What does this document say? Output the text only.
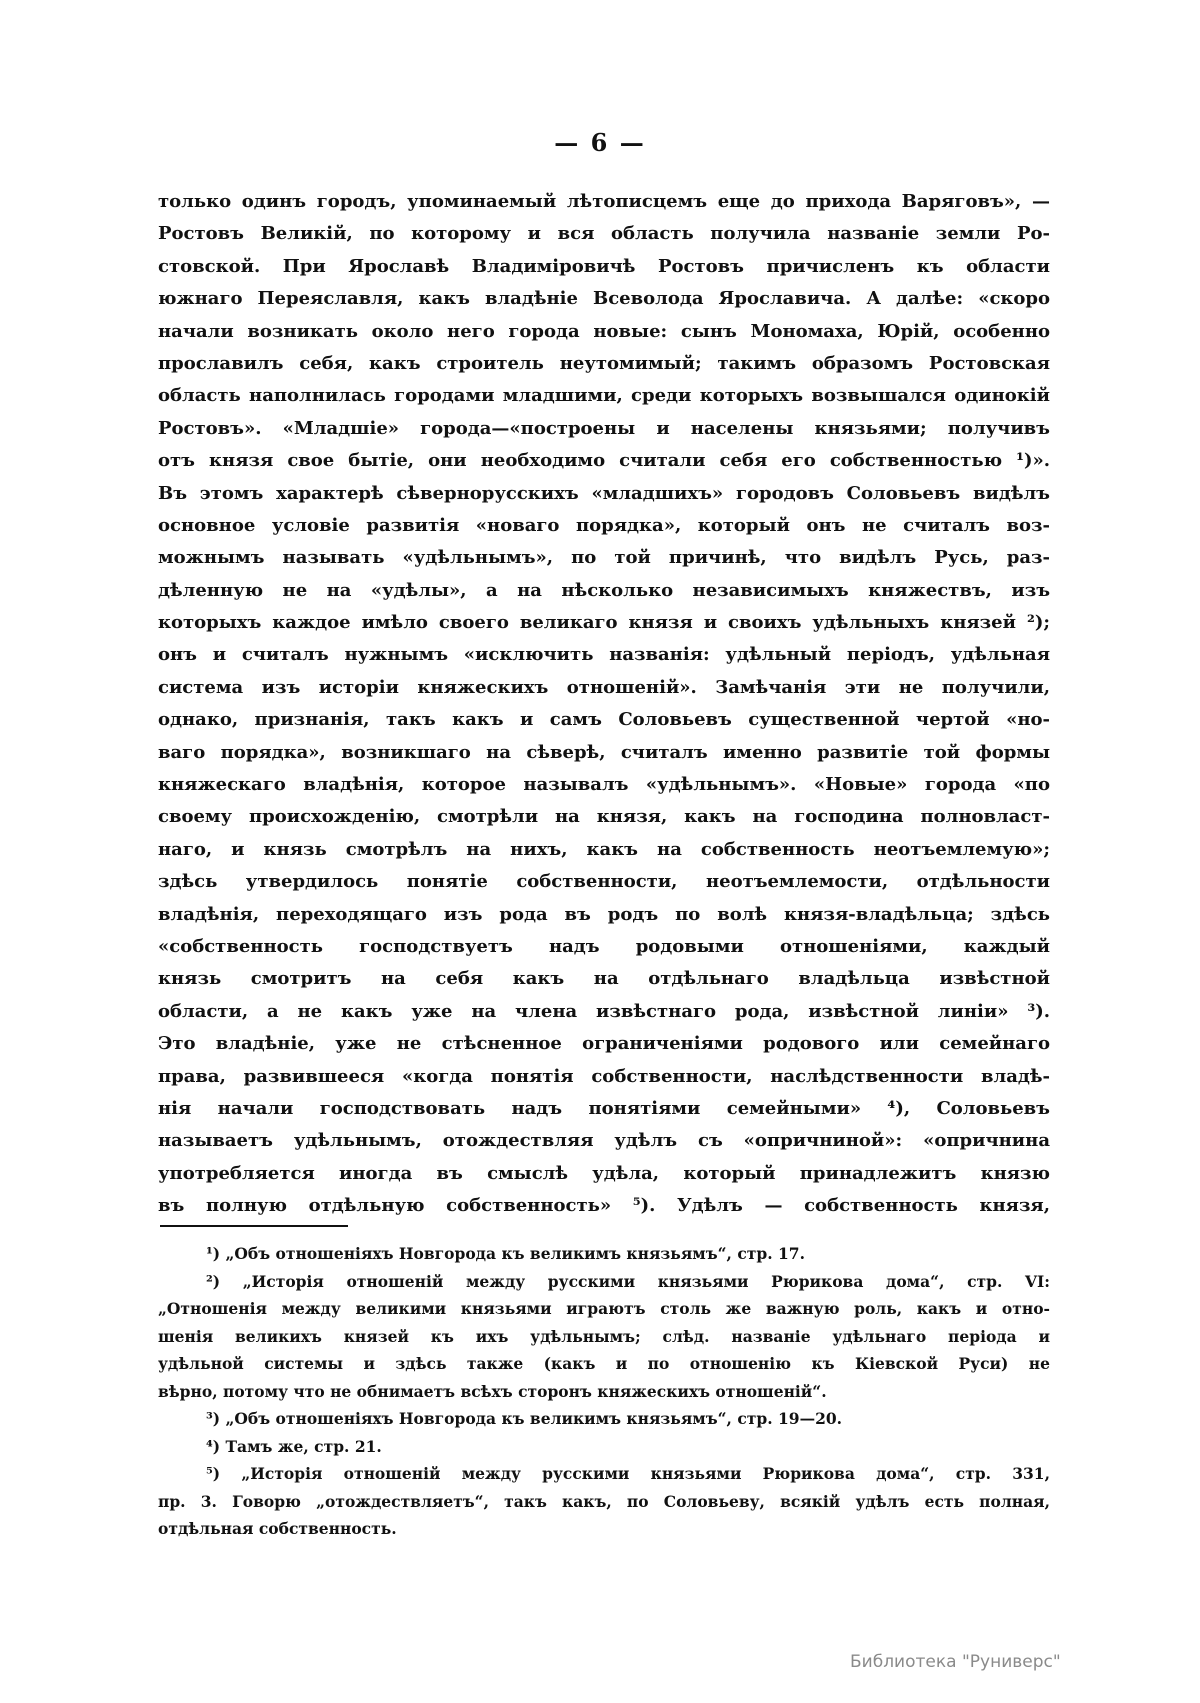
— 6 —
только одинъ городъ, упоминаемый лѣтописцемъ еще до прихода Варяговъ», —
Ростовъ Великій, по которому и вся область получила названіе земли Ро-
стовской. При Ярославѣ Владиміровичѣ Ростовъ причисленъ къ области
южнаго Переяславля, какъ владѣніе Всеволода Ярославича. А далѣе: «скоро
начали возникать около него города новые: сынъ Мономаха, Юрій, особенно
прославилъ себя, какъ строитель неутомимый; такимъ образомъ Ростовская
область наполнилась городами младшими, среди которыхъ возвышался одинокій
Ростовъ». «Младшіе» города—«построены и населены князьями; получивъ
отъ князя свое бытіе, они необходимо считали себя его собственностью ¹)».
Въ этомъ характерѣ сѣвернорусскихъ «младшихъ» городовъ Соловьевъ видѣлъ
основное условіе развитія «новаго порядка», который онъ не считалъ воз-
можнымъ называть «удѣльнымъ», по той причинѣ, что видѣлъ Русь, раз-
дѣленную не на «удѣлы», а на нѣсколько независимыхъ княжествъ, изъ
которыхъ каждое имѣло своего великаго князя и своихъ удѣльныхъ князей ²);
онъ и считалъ нужнымъ «исключить названія: удѣльный періодъ, удѣльная
система изъ исторіи княжескихъ отношеній». Замѣчанія эти не получили,
однако, признанія, такъ какъ и самъ Соловьевъ существенной чертой «но-
ваго порядка», возникшаго на сѣверѣ, считалъ именно развитіе той формы
княжескаго владѣнія, которое называлъ «удѣльнымъ». «Новые» города «по
своему происхожденію, смотрѣли на князя, какъ на господина полновласт-
наго, и князь смотрѣлъ на нихъ, какъ на собственность неотъемлемую»;
здѣсь утвердилось понятіе собственности, неотъемлемости, отдѣльности
владѣнія, переходящаго изъ рода въ родъ по волѣ князя-владѣльца; здѣсь
«собственность господствуетъ надъ родовыми отношеніями, каждый
князь смотритъ на себя какъ на отдѣльнаго владѣльца извѣстной
области, а не какъ уже на члена извѣстнаго рода, извѣстной линіи» ³).
Это владѣніе, уже не стѣсненное ограниченіями родового или семейнаго
права, развившееся «когда понятія собственности, наслѣдственности владѣ-
нія начали господствовать надъ понятіями семейными» ⁴), Соловьевъ
называетъ удѣльнымъ, отождествляя удѣлъ съ «опричниной»: «опричнина
употребляется иногда въ смыслѣ удѣла, который принадлежитъ князю
въ полную отдѣльную собственность» ⁵). Удѣлъ — собственность князя,
¹) „Объ отношеніяхъ Новгорода къ великимъ князьямъ“, стр. 17.
²) „Исторія отношеній между русскими князьями Рюрикова дома“, стр. VI:
„Отношенія между великими князьями играютъ столь же важную роль, какъ и отно-
шенія великихъ князей къ ихъ удѣльнымъ; слѣд. названіе удѣльнаго періода и
удѣльной системы и здѣсь также (какъ и по отношенію къ Кіевской Руси) не
вѣрно, потому что не обнимаетъ всѣхъ сторонъ княжескихъ отношеній“.
³) „Объ отношеніяхъ Новгорода къ великимъ князьямъ“, стр. 19—20.
⁴) Тамъ же, стр. 21.
⁵) „Исторія отношеній между русскими князьями Рюрикова дома“, стр. 331,
пр. 3. Говорю „отождествляетъ“, такъ какъ, по Соловьеву, всякій удѣлъ есть полная,
отдѣльная собственность.
Библиотека "Руниверс"
